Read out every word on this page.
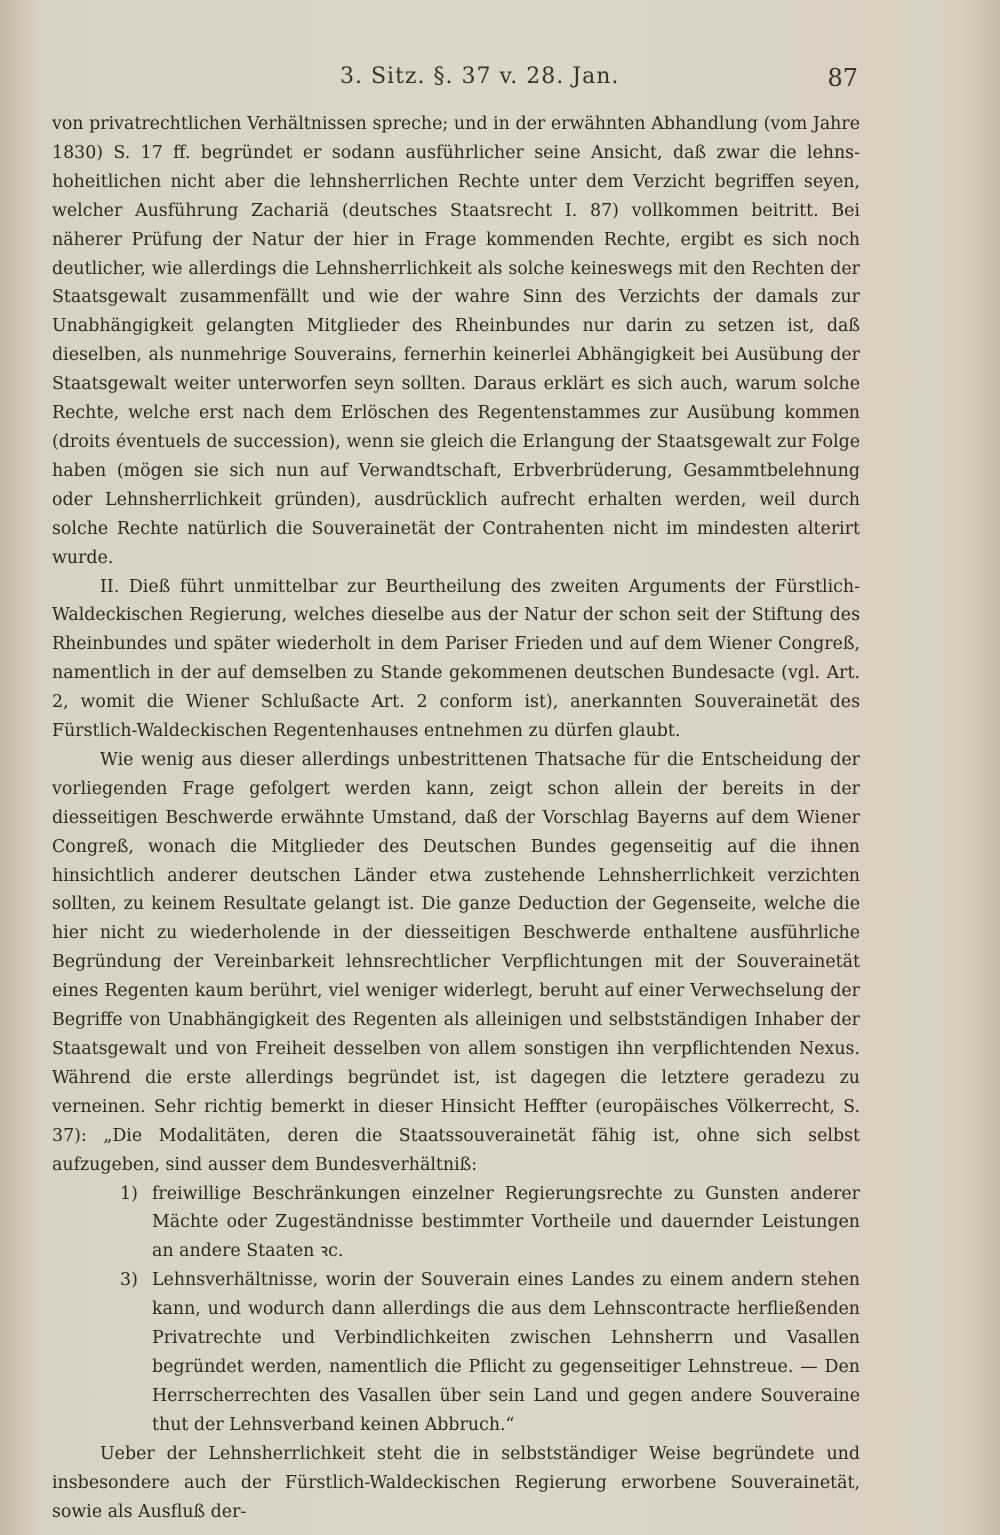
3. Sitz. §. 37 v. 28. Jan.	87

von privatrechtlichen Verhältnissen spreche; und in der erwähnten Abhandlung (vom Jahre 1830) S. 17 ff. begründet er sodann ausführlicher seine Ansicht, daß zwar die lehns-hoheitlichen nicht aber die lehnsherrlichen Rechte unter dem Verzicht begriffen seyen, welcher Ausführung Zachariä (deutsches Staatsrecht I. 87) vollkommen beitritt. Bei näherer Prüfung der Natur der hier in Frage kommenden Rechte, ergibt es sich noch deutlicher, wie allerdings die Lehnsherrlichkeit als solche keineswegs mit den Rechten der Staatsgewalt zusammenfällt und wie der wahre Sinn des Verzichts der damals zur Unabhängigkeit gelangten Mitglieder des Rheinbundes nur darin zu setzen ist, daß dieselben, als nunmehrige Souverains, fernerhin keinerlei Abhängigkeit bei Ausübung der Staatsgewalt weiter unterworfen seyn sollten. Daraus erklärt es sich auch, warum solche Rechte, welche erst nach dem Erlöschen des Regentenstammes zur Ausübung kommen (droits éventuels de succession), wenn sie gleich die Erlangung der Staatsgewalt zur Folge haben (mögen sie sich nun auf Verwandtschaft, Erbverbrüderung, Gesammtbelehnung oder Lehnsherrlichkeit gründen), ausdrücklich aufrecht erhalten werden, weil durch solche Rechte natürlich die Souverainetät der Contrahenten nicht im mindesten alterirt wurde.

II. Dieß führt unmittelbar zur Beurtheilung des zweiten Arguments der Fürstlich-Waldeckischen Regierung, welches dieselbe aus der Natur der schon seit der Stiftung des Rheinbundes und später wiederholt in dem Pariser Frieden und auf dem Wiener Congreß, namentlich in der auf demselben zu Stande gekommenen deutschen Bundesacte (vgl. Art. 2, womit die Wiener Schlußacte Art. 2 conform ist), anerkannten Souverainetät des Fürstlich-Waldeckischen Regentenhauses entnehmen zu dürfen glaubt.

Wie wenig aus dieser allerdings unbestrittenen Thatsache für die Entscheidung der vorliegenden Frage gefolgert werden kann, zeigt schon allein der bereits in der diesseitigen Beschwerde erwähnte Umstand, daß der Vorschlag Bayerns auf dem Wiener Congreß, wonach die Mitglieder des Deutschen Bundes gegenseitig auf die ihnen hinsichtlich anderer deutschen Länder etwa zustehende Lehnsherrlichkeit verzichten sollten, zu keinem Resultate gelangt ist. Die ganze Deduction der Gegenseite, welche die hier nicht zu wiederholende in der diesseitigen Beschwerde enthaltene ausführliche Begründung der Vereinbarkeit lehnsrechtlicher Verpflichtungen mit der Souverainetät eines Regenten kaum berührt, viel weniger widerlegt, beruht auf einer Verwechselung der Begriffe von Unabhängigkeit des Regenten als alleinigen und selbstständigen Inhaber der Staatsgewalt und von Freiheit desselben von allem sonstigen ihn verpflichtenden Nexus. Während die erste allerdings begründet ist, ist dagegen die letztere geradezu zu verneinen. Sehr richtig bemerkt in dieser Hinsicht Heffter (europäisches Völkerrecht, S. 37): „Die Modalitäten, deren die Staatssouverainetät fähig ist, ohne sich selbst aufzugeben, sind ausser dem Bundesverhältniß:

1) freiwillige Beschränkungen einzelner Regierungsrechte zu Gunsten anderer Mächte oder Zugeständnisse bestimmter Vortheile und dauernder Leistungen an andere Staaten ꝛc.
3) Lehnsverhältnisse, worin der Souverain eines Landes zu einem andern stehen kann, und wodurch dann allerdings die aus dem Lehnscontracte herfließenden Privatrechte und Verbindlichkeiten zwischen Lehnsherrn und Vasallen begründet werden, namentlich die Pflicht zu gegenseitiger Lehnstreue. — Den Herrscherrechten des Vasallen über sein Land und gegen andere Souveraine thut der Lehnsverband keinen Abbruch.“

Ueber der Lehnsherrlichkeit steht die in selbstständiger Weise begründete und insbesondere auch der Fürstlich-Waldeckischen Regierung erworbene Souverainetät, sowie als Ausfluß der-
